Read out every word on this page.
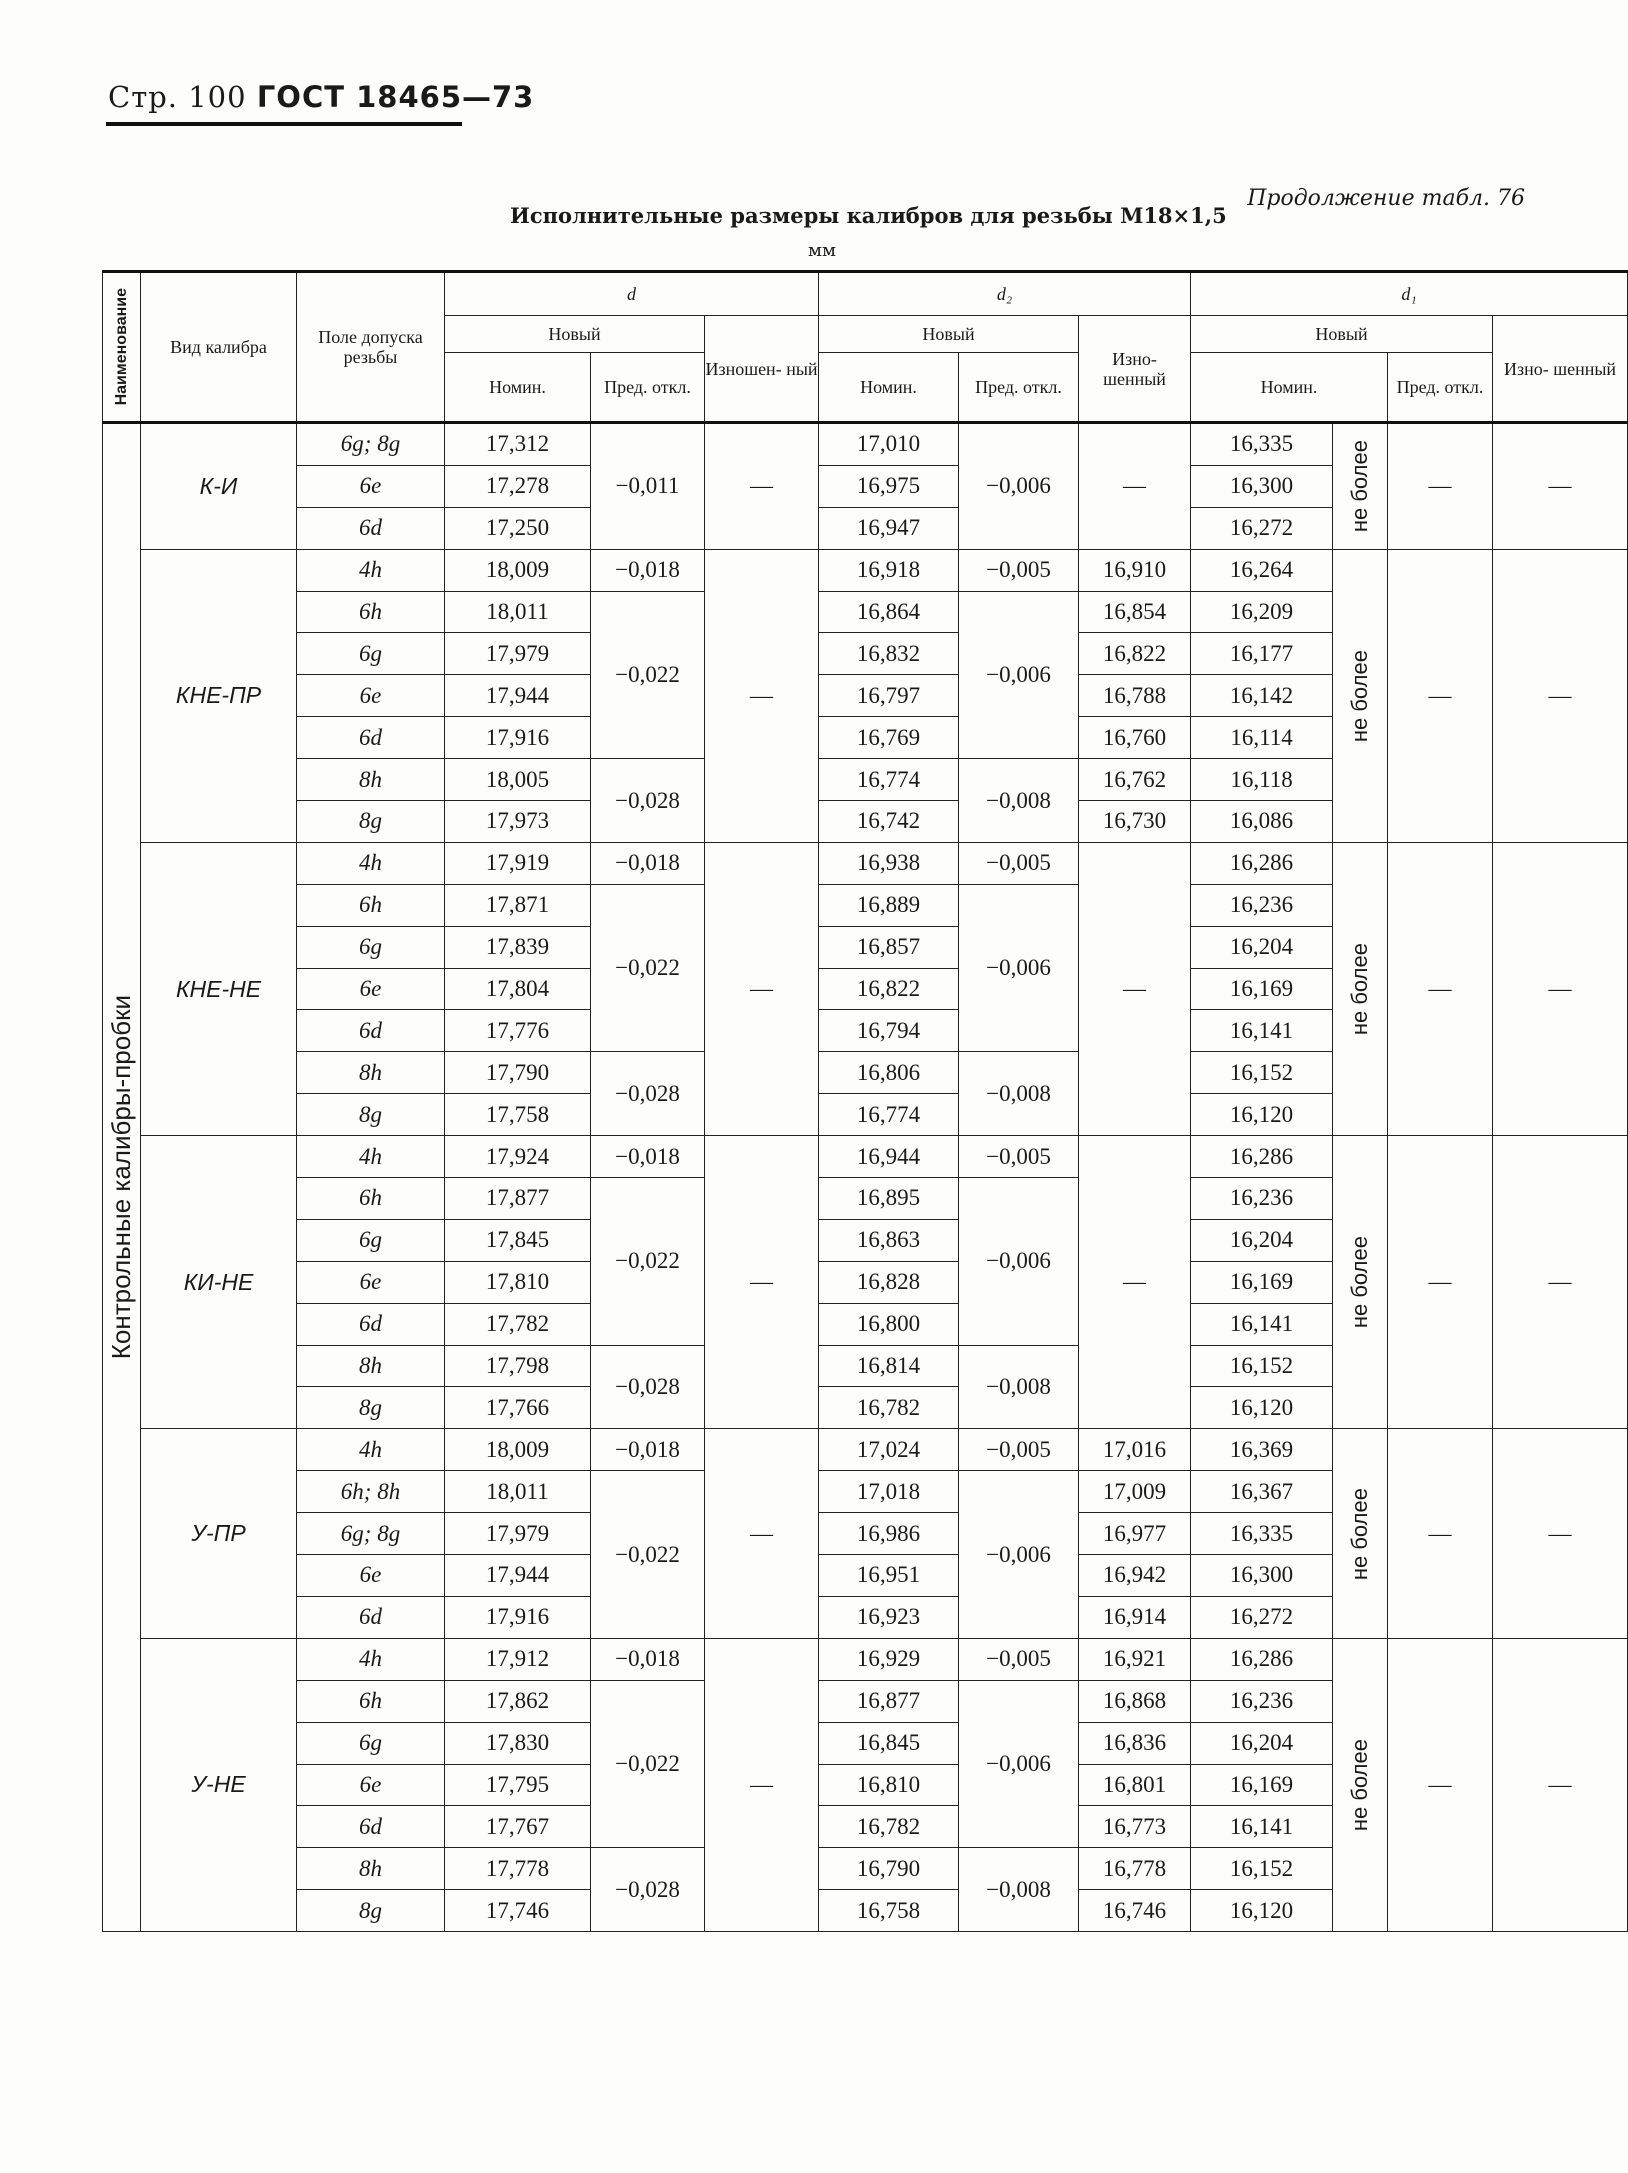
Стр. 100 ГОСТ 18465—73
Продолжение табл. 76
Исполнительные размеры калибров для резьбы M18×1,5
мм
Наименование	Вид калибра	Поле допуска резьбы	d			d₂			d₁			
			Новый		Изношен- ный	Новый		Изно- шенный	Новый			Изно- шенный
			Номин.	Пред. откл.		Номин.	Пред. откл.		Номин.		Пред. откл.	

Контрольные калибры-пробки	К-И	6g; 8g	17,312	−0,011	—	17,010	−0,006	—	16,335	не более	—	—
		6e	17,278			16,975			16,300			
		6d	17,250			16,947			16,272			
	КНЕ-ПР	4h	18,009	−0,018	—	16,918	−0,005	16,910	16,264	не более	—	—
		6h	18,011	−0,022		16,864	−0,006	16,854	16,209			
		6g	17,979			16,832		16,822	16,177			
		6e	17,944			16,797		16,788	16,142			
		6d	17,916			16,769		16,760	16,114			
		8h	18,005	−0,028		16,774	−0,008	16,762	16,118			
		8g	17,973			16,742		16,730	16,086			
	КНЕ-НЕ	4h	17,919	−0,018	—	16,938	−0,005	—	16,286	не более	—	—
		6h	17,871	−0,022		16,889	−0,006		16,236			
		6g	17,839			16,857			16,204			
		6e	17,804			16,822			16,169			
		6d	17,776			16,794			16,141			
		8h	17,790	−0,028		16,806	−0,008		16,152			
		8g	17,758			16,774			16,120			
	КИ-НЕ	4h	17,924	−0,018	—	16,944	−0,005	—	16,286	не более	—	—
		6h	17,877	−0,022		16,895	−0,006		16,236			
		6g	17,845			16,863			16,204			
		6e	17,810			16,828			16,169			
		6d	17,782			16,800			16,141			
		8h	17,798	−0,028		16,814	−0,008		16,152			
		8g	17,766			16,782			16,120			
	У-ПР	4h	18,009	−0,018	—	17,024	−0,005	17,016	16,369	не более	—	—
		6h; 8h	18,011	−0,022		17,018	−0,006	17,009	16,367			
		6g; 8g	17,979			16,986		16,977	16,335			
		6e	17,944			16,951		16,942	16,300			
		6d	17,916			16,923		16,914	16,272			
	У-НЕ	4h	17,912	−0,018	—	16,929	−0,005	16,921	16,286	не более	—	—
		6h	17,862	−0,022		16,877	−0,006	16,868	16,236			
		6g	17,830			16,845		16,836	16,204			
		6e	17,795			16,810		16,801	16,169			
		6d	17,767			16,782		16,773	16,141			
		8h	17,778	−0,028		16,790	−0,008	16,778	16,152			
		8g	17,746			16,758		16,746	16,120			
